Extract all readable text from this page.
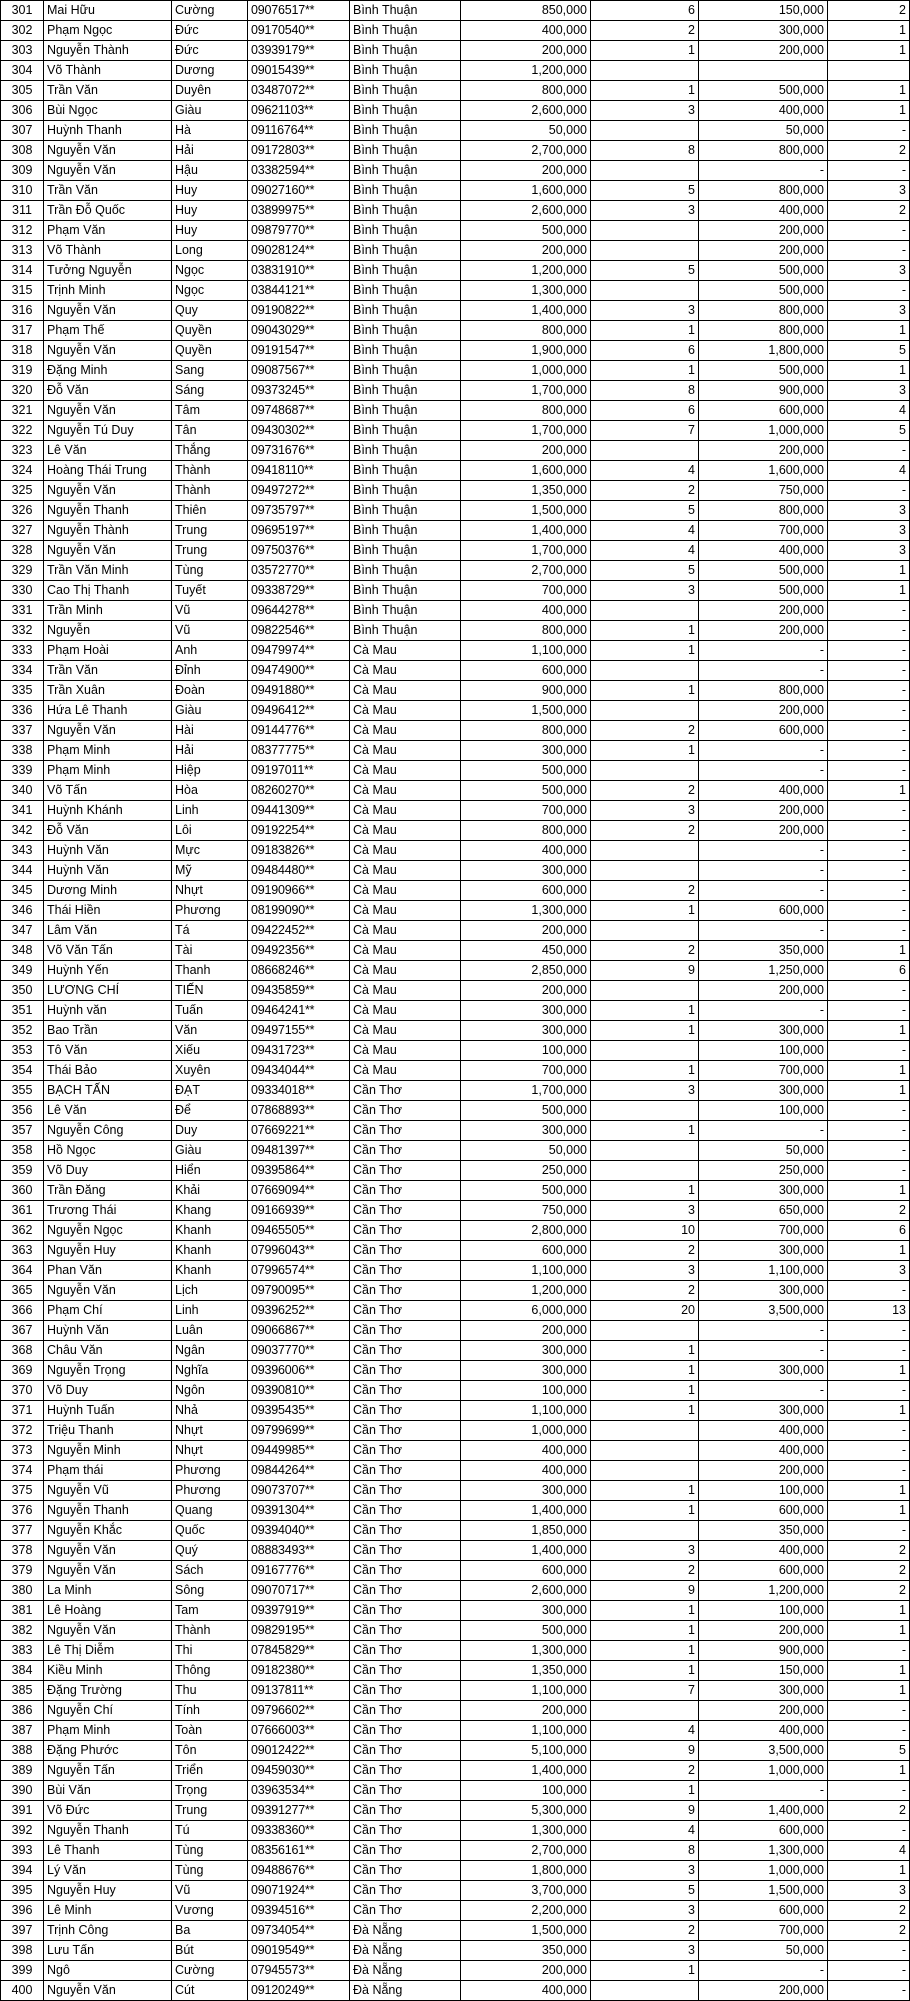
301	Mai Hữu	Cường	09076517**	Bình Thuận	850,000	6	150,000	2
302	Phạm Ngọc	Đức	09170540**	Bình Thuận	400,000	2	300,000	1
303	Nguyễn Thành	Đức	03939179**	Bình Thuận	200,000	1	200,000	1
304	Võ Thành	Dương	09015439**	Bình Thuận	1,200,000			
305	Trần Văn	Duyên	03487072**	Bình Thuận	800,000	1	500,000	1
306	Bùi Ngọc	Giàu	09621103**	Bình Thuận	2,600,000	3	400,000	1
307	Huỳnh Thanh	Hà	09116764**	Bình Thuận	50,000		50,000	-
308	Nguyễn Văn	Hải	09172803**	Bình Thuận	2,700,000	8	800,000	2
309	Nguyễn Văn	Hậu	03382594**	Bình Thuận	200,000		-	-
310	Trần Văn	Huy	09027160**	Bình Thuận	1,600,000	5	800,000	3
311	Trần Đỗ Quốc	Huy	03899975**	Bình Thuận	2,600,000	3	400,000	2
312	Phạm Văn	Huy	09879770**	Bình Thuận	500,000		200,000	-
313	Võ Thành	Long	09028124**	Bình Thuận	200,000		200,000	-
314	Tưởng Nguyễn	Ngọc	03831910**	Bình Thuận	1,200,000	5	500,000	3
315	Trịnh Minh	Ngọc	03844121**	Bình Thuận	1,300,000		500,000	-
316	Nguyễn Văn	Quy	09190822**	Bình Thuận	1,400,000	3	800,000	3
317	Phạm Thế	Quyền	09043029**	Bình Thuận	800,000	1	800,000	1
318	Nguyễn Văn	Quyền	09191547**	Bình Thuận	1,900,000	6	1,800,000	5
319	Đặng Minh	Sang	09087567**	Bình Thuận	1,000,000	1	500,000	1
320	Đỗ Văn	Sáng	09373245**	Bình Thuận	1,700,000	8	900,000	3
321	Nguyễn Văn	Tâm	09748687**	Bình Thuận	800,000	6	600,000	4
322	Nguyễn Tú Duy	Tân	09430302**	Bình Thuận	1,700,000	7	1,000,000	5
323	Lê Văn	Thắng	09731676**	Bình Thuận	200,000		200,000	-
324	Hoàng Thái Trung	Thành	09418110**	Bình Thuận	1,600,000	4	1,600,000	4
325	Nguyễn Văn	Thành	09497272**	Bình Thuận	1,350,000	2	750,000	-
326	Nguyễn Thanh	Thiên	09735797**	Bình Thuận	1,500,000	5	800,000	3
327	Nguyễn Thành	Trung	09695197**	Bình Thuận	1,400,000	4	700,000	3
328	Nguyễn Văn	Trung	09750376**	Bình Thuận	1,700,000	4	400,000	3
329	Trần Văn Minh	Tùng	03572770**	Bình Thuận	2,700,000	5	500,000	1
330	Cao Thị Thanh	Tuyết	09338729**	Bình Thuận	700,000	3	500,000	1
331	Trần Minh	Vũ	09644278**	Bình Thuận	400,000		200,000	-
332	Nguyễn	Vũ	09822546**	Bình Thuận	800,000	1	200,000	-
333	Phạm Hoài	Anh	09479974**	Cà Mau	1,100,000	1	-	-
334	Trần Văn	Đỉnh	09474900**	Cà Mau	600,000		-	-
335	Trần Xuân	Đoàn	09491880**	Cà Mau	900,000	1	800,000	-
336	Hứa Lê Thanh	Giàu	09496412**	Cà Mau	1,500,000		200,000	-
337	Nguyễn Văn	Hài	09144776**	Cà Mau	800,000	2	600,000	-
338	Phạm Minh	Hải	08377775**	Cà Mau	300,000	1	-	-
339	Phạm Minh	Hiệp	09197011**	Cà Mau	500,000		-	-
340	Võ Tấn	Hòa	08260270**	Cà Mau	500,000	2	400,000	1
341	Huỳnh Khánh	Linh	09441309**	Cà Mau	700,000	3	200,000	-
342	Đỗ Văn	Lôi	09192254**	Cà Mau	800,000	2	200,000	-
343	Huỳnh Văn	Mực	09183826**	Cà Mau	400,000		-	-
344	Huỳnh Văn	Mỹ	09484480**	Cà Mau	300,000		-	-
345	Dương Minh	Nhựt	09190966**	Cà Mau	600,000	2	-	-
346	Thái Hiền	Phương	08199090**	Cà Mau	1,300,000	1	600,000	-
347	Lâm Văn	Tá	09422452**	Cà Mau	200,000		-	-
348	Võ Văn Tấn	Tài	09492356**	Cà Mau	450,000	2	350,000	1
349	Huỳnh Yến	Thanh	08668246**	Cà Mau	2,850,000	9	1,250,000	6
350	LƯƠNG CHÍ	TIẾN	09435859**	Cà Mau	200,000		200,000	-
351	Huỳnh văn	Tuấn	09464241**	Cà Mau	300,000	1	-	-
352	Bao Trần	Văn	09497155**	Cà Mau	300,000	1	300,000	1
353	Tô Văn	Xiếu	09431723**	Cà Mau	100,000		100,000	-
354	Thái Bảo	Xuyên	09434044**	Cà Mau	700,000	1	700,000	1
355	BẠCH TẤN	ĐẠT	09334018**	Cần Thơ	1,700,000	3	300,000	1
356	Lê Văn	Để	07868893**	Cần Thơ	500,000		100,000	-
357	Nguyễn Công	Duy	07669221**	Cần Thơ	300,000	1	-	-
358	Hồ Ngọc	Giàu	09481397**	Cần Thơ	50,000		50,000	-
359	Võ Duy	Hiển	09395864**	Cần Thơ	250,000		250,000	-
360	Trần Đăng	Khải	07669094**	Cần Thơ	500,000	1	300,000	1
361	Trương Thái	Khang	09166939**	Cần Thơ	750,000	3	650,000	2
362	Nguyễn Ngọc	Khanh	09465505**	Cần Thơ	2,800,000	10	700,000	6
363	Nguyễn Huy	Khanh	07996043**	Cần Thơ	600,000	2	300,000	1
364	Phan Văn	Khanh	07996574**	Cần Thơ	1,100,000	3	1,100,000	3
365	Nguyễn Văn	Lịch	09790095**	Cần Thơ	1,200,000	2	300,000	-
366	Phạm Chí	Linh	09396252**	Cần Thơ	6,000,000	20	3,500,000	13
367	Huỳnh Văn	Luân	09066867**	Cần Thơ	200,000		-	-
368	Châu Văn	Ngân	09037770**	Cần Thơ	300,000	1	-	-
369	Nguyễn Trọng	Nghĩa	09396006**	Cần Thơ	300,000	1	300,000	1
370	Võ Duy	Ngôn	09390810**	Cần Thơ	100,000	1	-	-
371	Huỳnh Tuấn	Nhả	09395435**	Cần Thơ	1,100,000	1	300,000	1
372	Triệu Thanh	Nhựt	09799699**	Cần Thơ	1,000,000		400,000	-
373	Nguyễn Minh	Nhựt	09449985**	Cần Thơ	400,000		400,000	-
374	Phạm thái	Phương	09844264**	Cần Thơ	400,000		200,000	-
375	Nguyễn Vũ	Phương	09073707**	Cần Thơ	300,000	1	100,000	1
376	Nguyễn Thanh	Quang	09391304**	Cần Thơ	1,400,000	1	600,000	1
377	Nguyễn Khắc	Quốc	09394040**	Cần Thơ	1,850,000		350,000	-
378	Nguyễn Văn	Quý	08883493**	Cần Thơ	1,400,000	3	400,000	2
379	Nguyễn Văn	Sách	09167776**	Cần Thơ	600,000	2	600,000	2
380	La Minh	Sông	09070717**	Cần Thơ	2,600,000	9	1,200,000	2
381	Lê Hoàng	Tam	09397919**	Cần Thơ	300,000	1	100,000	1
382	Nguyễn Văn	Thành	09829195**	Cần Thơ	500,000	1	200,000	1
383	Lê Thị Diễm	Thi	07845829**	Cần Thơ	1,300,000	1	900,000	-
384	Kiều Minh	Thông	09182380**	Cần Thơ	1,350,000	1	150,000	1
385	Đặng Trường	Thu	09137811**	Cần Thơ	1,100,000	7	300,000	1
386	Nguyễn Chí	Tính	09796602**	Cần Thơ	200,000		200,000	-
387	Phạm Minh	Toàn	07666003**	Cần Thơ	1,100,000	4	400,000	-
388	Đặng Phước	Tôn	09012422**	Cần Thơ	5,100,000	9	3,500,000	5
389	Nguyễn Tấn	Triển	09459030**	Cần Thơ	1,400,000	2	1,000,000	1
390	Bùi Văn	Trọng	03963534**	Cần Thơ	100,000	1	-	-
391	Võ Đức	Trung	09391277**	Cần Thơ	5,300,000	9	1,400,000	2
392	Nguyễn Thanh	Tú	09338360**	Cần Thơ	1,300,000	4	600,000	-
393	Lê Thanh	Tùng	08356161**	Cần Thơ	2,700,000	8	1,300,000	4
394	Lý Văn	Tùng	09488676**	Cần Thơ	1,800,000	3	1,000,000	1
395	Nguyễn Huy	Vũ	09071924**	Cần Thơ	3,700,000	5	1,500,000	3
396	Lê Minh	Vương	09394516**	Cần Thơ	2,200,000	3	600,000	2
397	Trịnh Công	Ba	09734054**	Đà Nẵng	1,500,000	2	700,000	2
398	Lưu Tấn	Bút	09019549**	Đà Nẵng	350,000	3	50,000	-
399	Ngô	Cường	07945573**	Đà Nẵng	200,000	1	-	-
400	Nguyễn Văn	Cút	09120249**	Đà Nẵng	400,000		200,000	-
